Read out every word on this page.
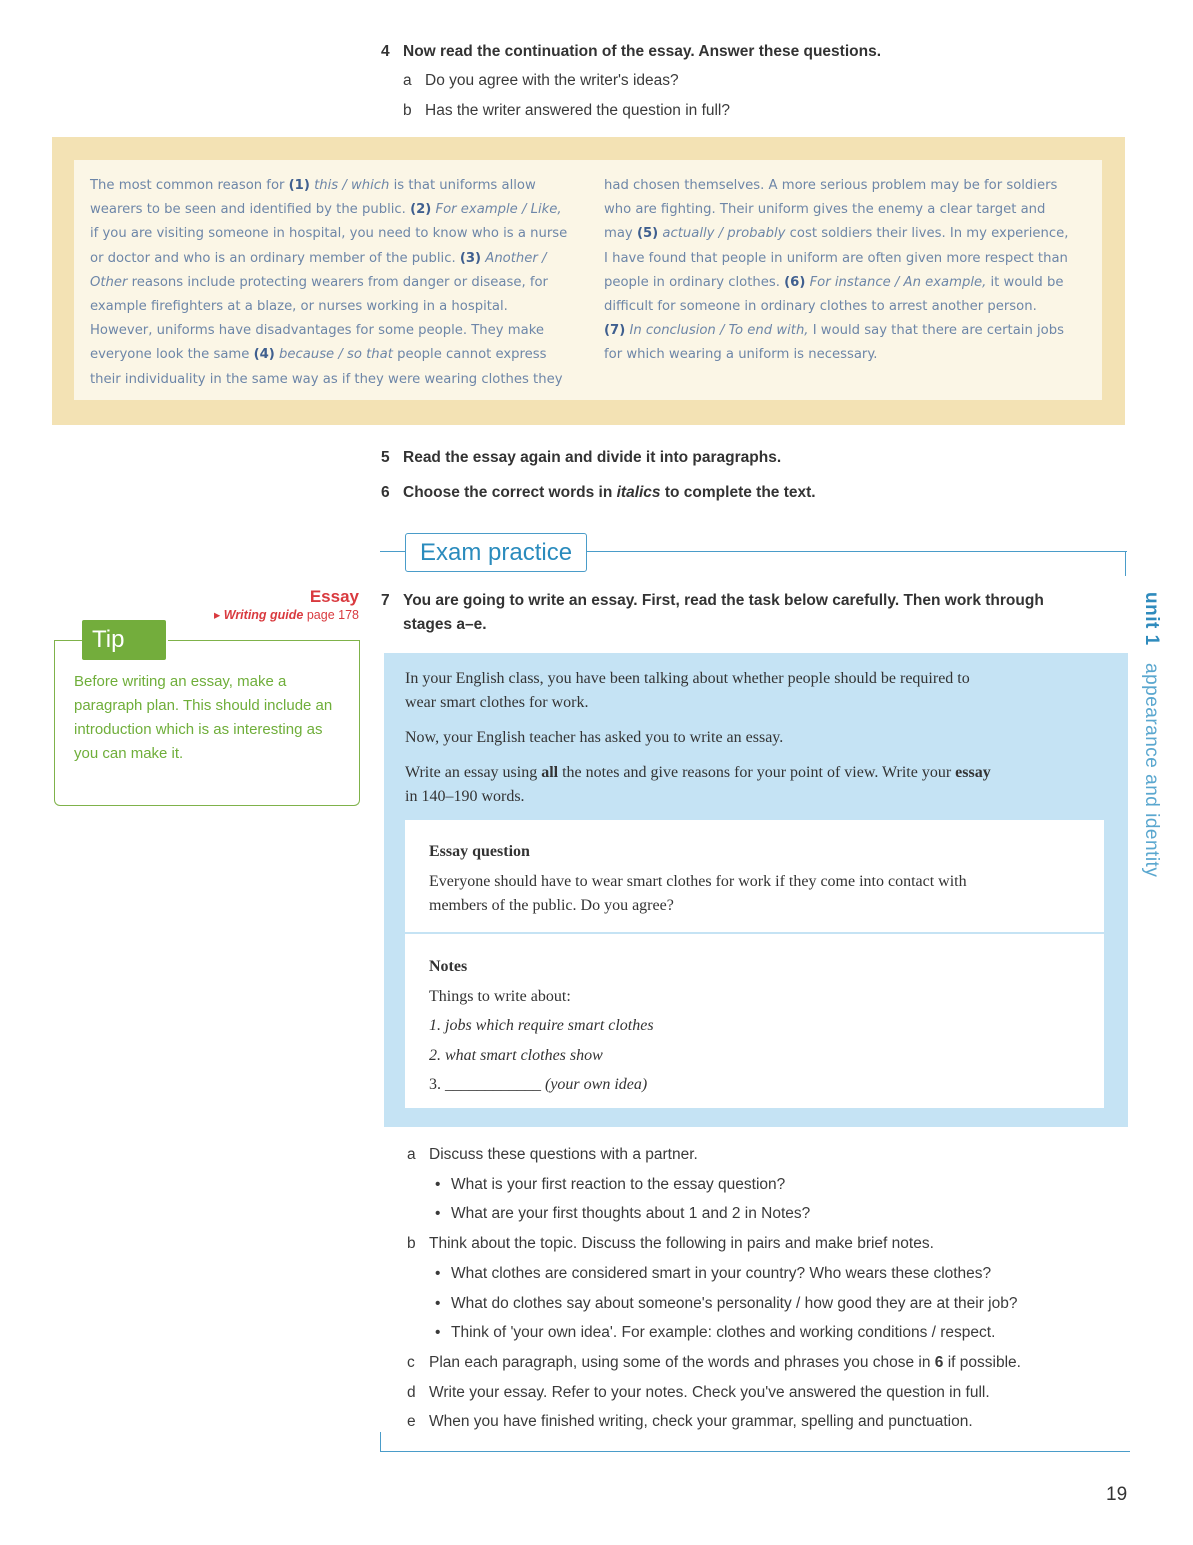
4 Now read the continuation of the essay. Answer these questions.
a Do you agree with the writer's ideas?
b Has the writer answered the question in full?
The most common reason for (1) this / which is that uniforms allow
wearers to be seen and identified by the public. (2) For example / Like,
if you are visiting someone in hospital, you need to know who is a nurse
or doctor and who is an ordinary member of the public. (3) Another /
Other reasons include protecting wearers from danger or disease, for
example firefighters at a blaze, or nurses working in a hospital.
However, uniforms have disadvantages for some people. They make
everyone look the same (4) because / so that people cannot express
their individuality in the same way as if they were wearing clothes they
had chosen themselves. A more serious problem may be for soldiers
who are fighting. Their uniform gives the enemy a clear target and
may (5) actually / probably cost soldiers their lives. In my experience,
I have found that people in uniform are often given more respect than
people in ordinary clothes. (6) For instance / An example, it would be
difficult for someone in ordinary clothes to arrest another person.
(7) In conclusion / To end with, I would say that there are certain jobs
for which wearing a uniform is necessary.
5 Read the essay again and divide it into paragraphs.
6 Choose the correct words in italics to complete the text.
Exam practice
Essay
▸ Writing guide page 178
Tip
Before writing an essay, make a paragraph plan. This should include an introduction which is as interesting as you can make it.
7 You are going to write an essay. First, read the task below carefully. Then work through
stages a–e.
In your English class, you have been talking about whether people should be required to
wear smart clothes for work.
Now, your English teacher has asked you to write an essay.
Write an essay using all the notes and give reasons for your point of view. Write your essay
in 140–190 words.
Essay question
Everyone should have to wear smart clothes for work if they come into contact with
members of the public. Do you agree?
Notes
Things to write about:
1. jobs which require smart clothes
2. what smart clothes show
3. ____________ (your own idea)
a Discuss these questions with a partner.
• What is your first reaction to the essay question?
• What are your first thoughts about 1 and 2 in Notes?
b Think about the topic. Discuss the following in pairs and make brief notes.
• What clothes are considered smart in your country? Who wears these clothes?
• What do clothes say about someone's personality / how good they are at their job?
• Think of 'your own idea'. For example: clothes and working conditions / respect.
c Plan each paragraph, using some of the words and phrases you chose in 6 if possible.
d Write your essay. Refer to your notes. Check you've answered the question in full.
e When you have finished writing, check your grammar, spelling and punctuation.
unit 1   appearance and identity
19
